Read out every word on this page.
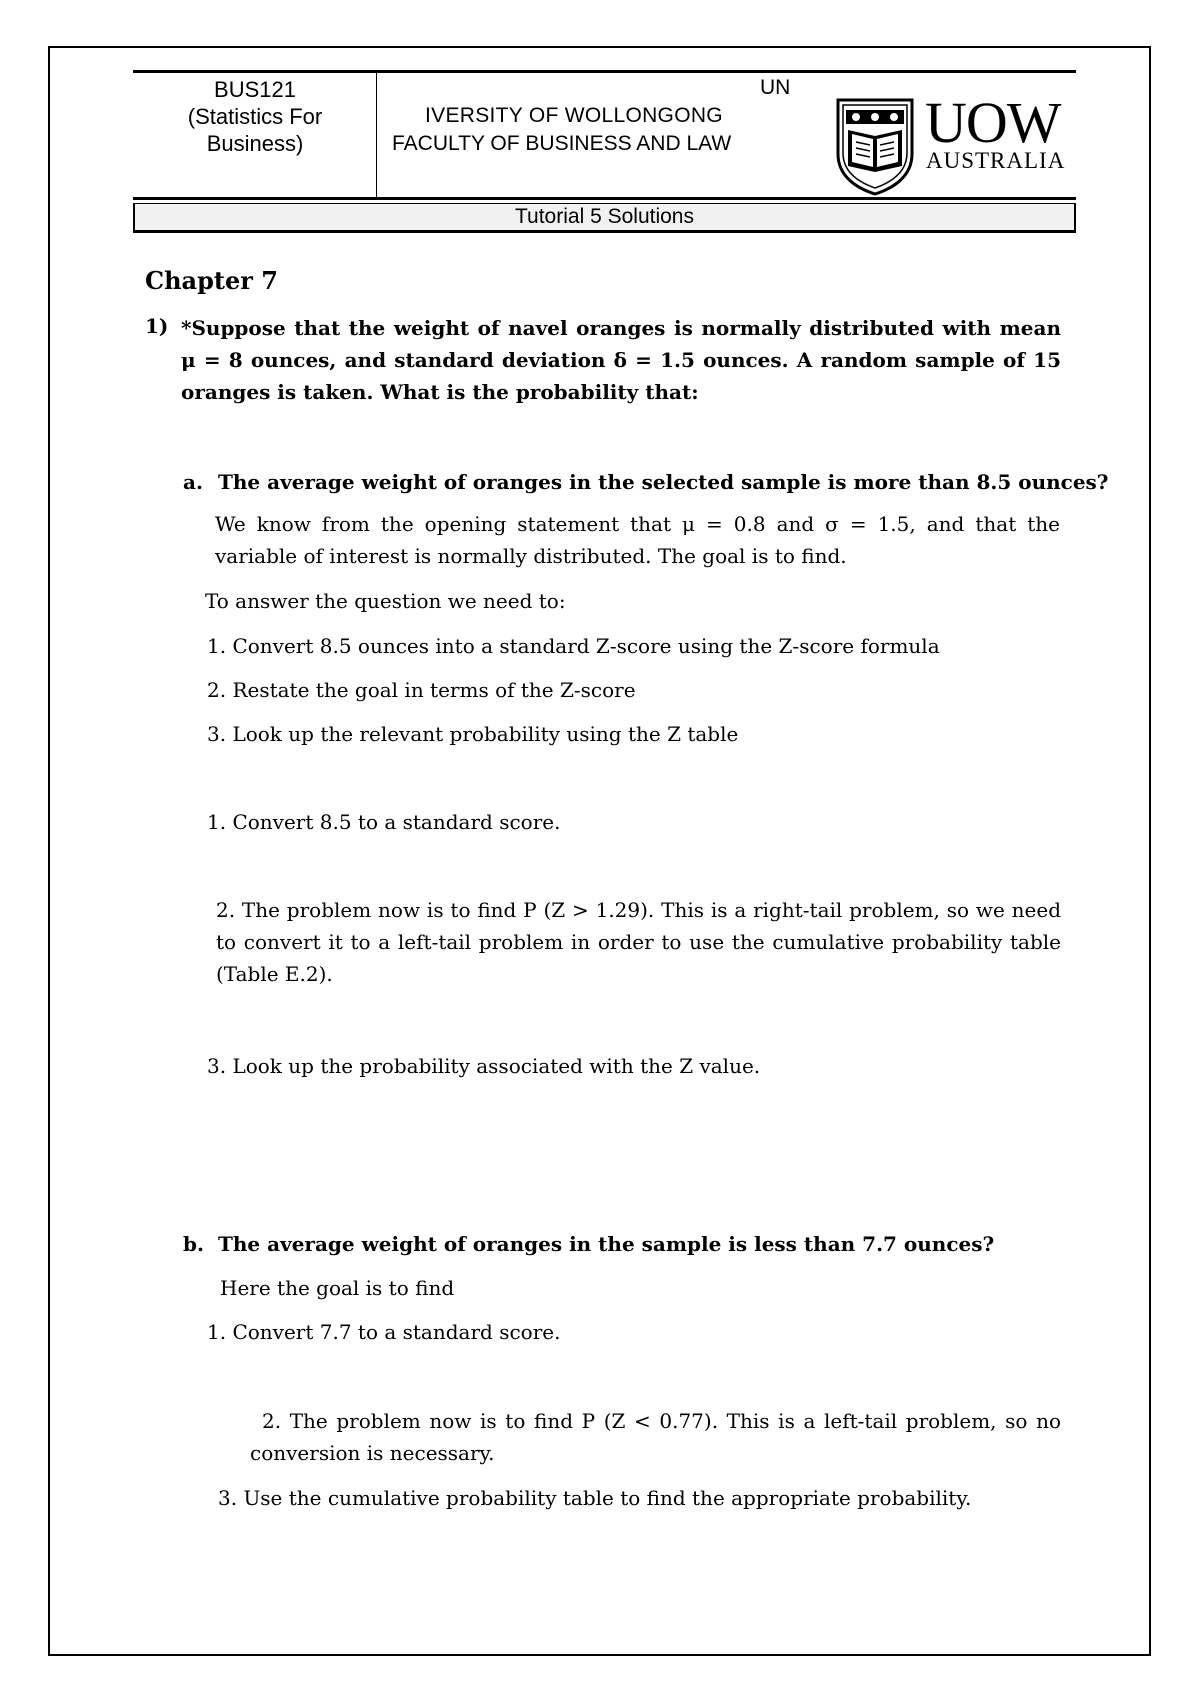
BUS121
(Statistics For
Business)
UN
IVERSITY OF WOLLONGONG
FACULTY OF BUSINESS AND LAW	UOW
AUSTRALIA
Tutorial 5 Solutions
Chapter 7
1) *Suppose that the weight of navel oranges is normally distributed with mean μ = 8 ounces, and standard deviation δ = 1.5 ounces. A random sample of 15 oranges is taken. What is the probability that:
a. The average weight of oranges in the selected sample is more than 8.5 ounces?
We know from the opening statement that μ = 0.8 and σ = 1.5, and that the variable of interest is normally distributed. The goal is to find.
To answer the question we need to:
1. Convert 8.5 ounces into a standard Z-score using the Z-score formula
2. Restate the goal in terms of the Z-score
3. Look up the relevant probability using the Z table
1. Convert 8.5 to a standard score.
2. The problem now is to find P (Z > 1.29). This is a right-tail problem, so we need to convert it to a left-tail problem in order to use the cumulative probability table (Table E.2).
3. Look up the probability associated with the Z value.
b. The average weight of oranges in the sample is less than 7.7 ounces?
Here the goal is to find
1. Convert 7.7 to a standard score.
2. The problem now is to find P (Z < 0.77). This is a left-tail problem, so no conversion is necessary.
3. Use the cumulative probability table to find the appropriate probability.
